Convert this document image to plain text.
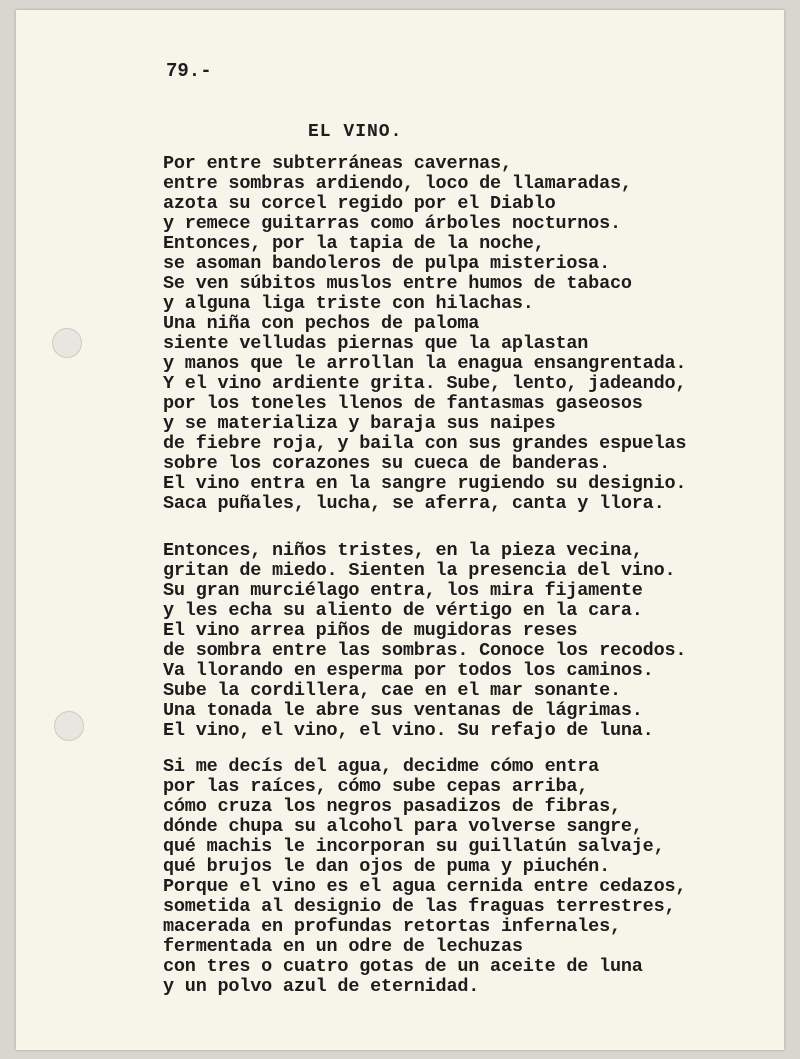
79.-
EL VINO.
Por entre subterráneas cavernas,
entre sombras ardiendo, loco de llamaradas,
azota su corcel regido por el Diablo
y remece guitarras como árboles nocturnos.
Entonces, por la tapia de la noche,
se asoman bandoleros de pulpa misteriosa.
Se ven súbitos muslos entre humos de tabaco
y alguna liga triste con hilachas.
Una niña con pechos de paloma
siente velludas piernas que la aplastan
y manos que le arrollan la enagua ensangrentada.
Y el vino ardiente grita. Sube, lento, jadeando,
por los toneles llenos de fantasmas gaseosos
y se materializa y baraja sus naipes
de fiebre roja, y baila con sus grandes espuelas
sobre los corazones su cueca de banderas.
El vino entra en la sangre rugiendo su designio.
Saca puñales, lucha, se aferra, canta y llora.
Entonces, niños tristes, en la pieza vecina,
gritan de miedo. Sienten la presencia del vino.
Su gran murciélago entra, los mira fijamente
y les echa su aliento de vértigo en la cara.
El vino arrea piños de mugidoras reses
de sombra entre las sombras. Conoce los recodos.
Va llorando en esperma por todos los caminos.
Sube la cordillera, cae en el mar sonante.
Una tonada le abre sus ventanas de lágrimas.
El vino, el vino, el vino. Su refajo de luna.
Si me decís del agua, decidme cómo entra
por las raíces, cómo sube cepas arriba,
cómo cruza los negros pasadizos de fibras,
dónde chupa su alcohol para volverse sangre,
qué machis le incorporan su guillatún salvaje,
qué brujos le dan ojos de puma y piuchén.
Porque el vino es el agua cernida entre cedazos,
sometida al designio de las fraguas terrestres,
macerada en profundas retortas infernales,
fermentada en un odre de lechuzas
con tres o cuatro gotas de un aceite de luna
y un polvo azul de eternidad.
